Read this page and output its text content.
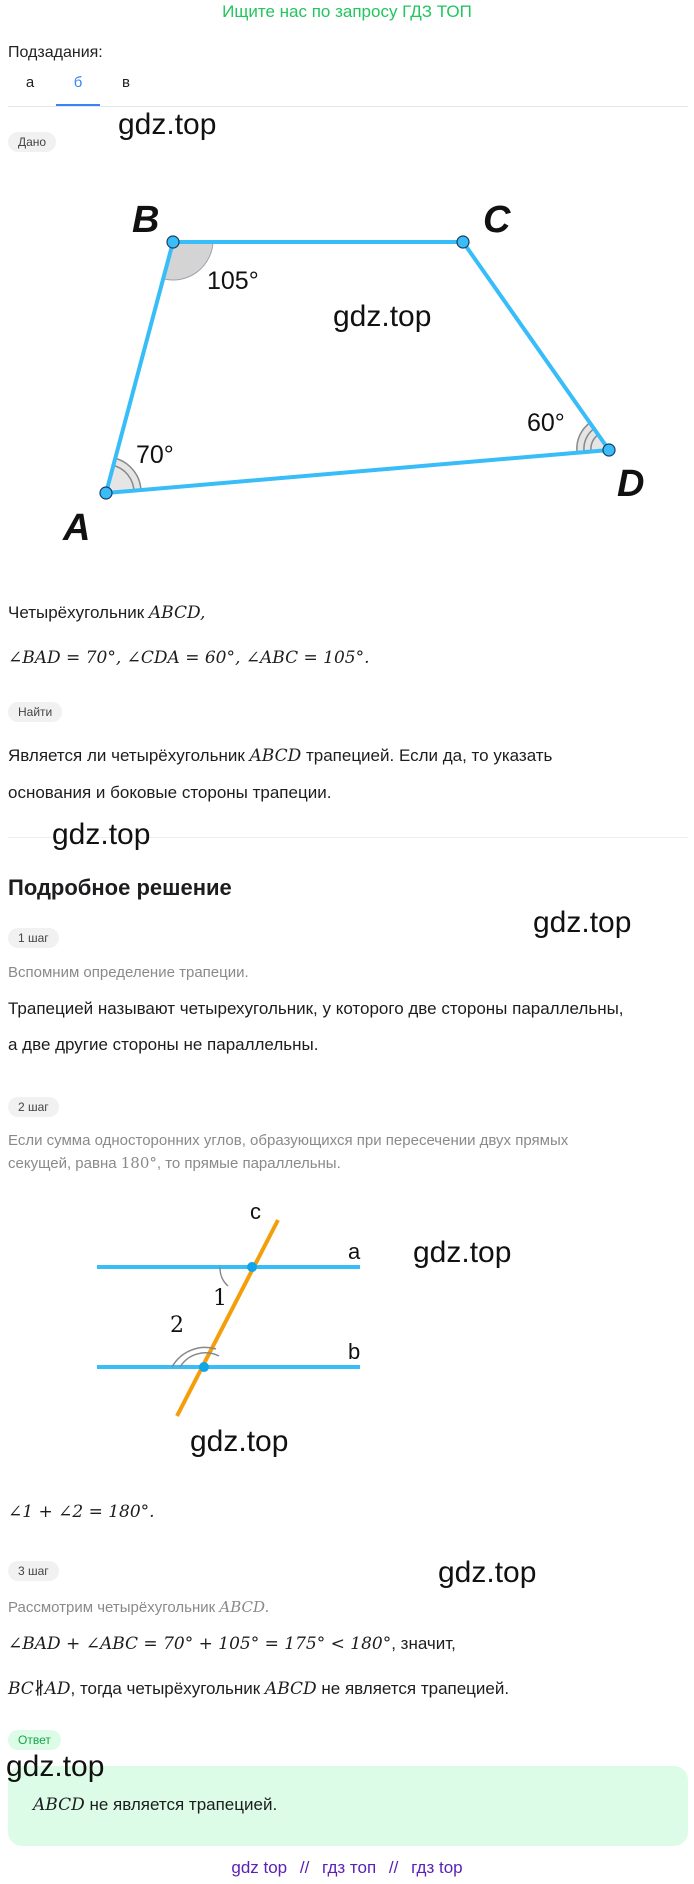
Ищите нас по запросу ГДЗ ТОП
Подзадания:
а	б	в
Дано
gdz.top
B	C
D
A
105°
70°
60°
gdz.top
Четырёхугольник ABCD,
∠BAD = 70°, ∠CDA = 60°, ∠ABC = 105°.
Найти
Является ли четырёхугольник ABCD трапецией. Если да, то указать
основания и боковые стороны трапеции.
gdz.top
Подробное решение
gdz.top
1 шаг
Вспомним определение трапеции.
Трапецией называют четырехугольник, у которого две стороны параллельны,
а две другие стороны не параллельны.
2 шаг
Если сумма односторонних углов, образующихся при пересечении двух прямых
секущей, равна 180°, то прямые параллельны.
c
a
b
1
2
gdz.top
gdz.top
∠1 + ∠2 = 180°.
3 шаг	gdz.top
Рассмотрим четырёхугольник ABCD.
∠BAD + ∠ABC = 70° + 105° = 175° < 180°, значит,
BC∦AD, тогда четырёхугольник ABCD не является трапецией.
Ответ
gdz.top
ABCD не является трапецией.
gdz top // гдз топ // гдз top
